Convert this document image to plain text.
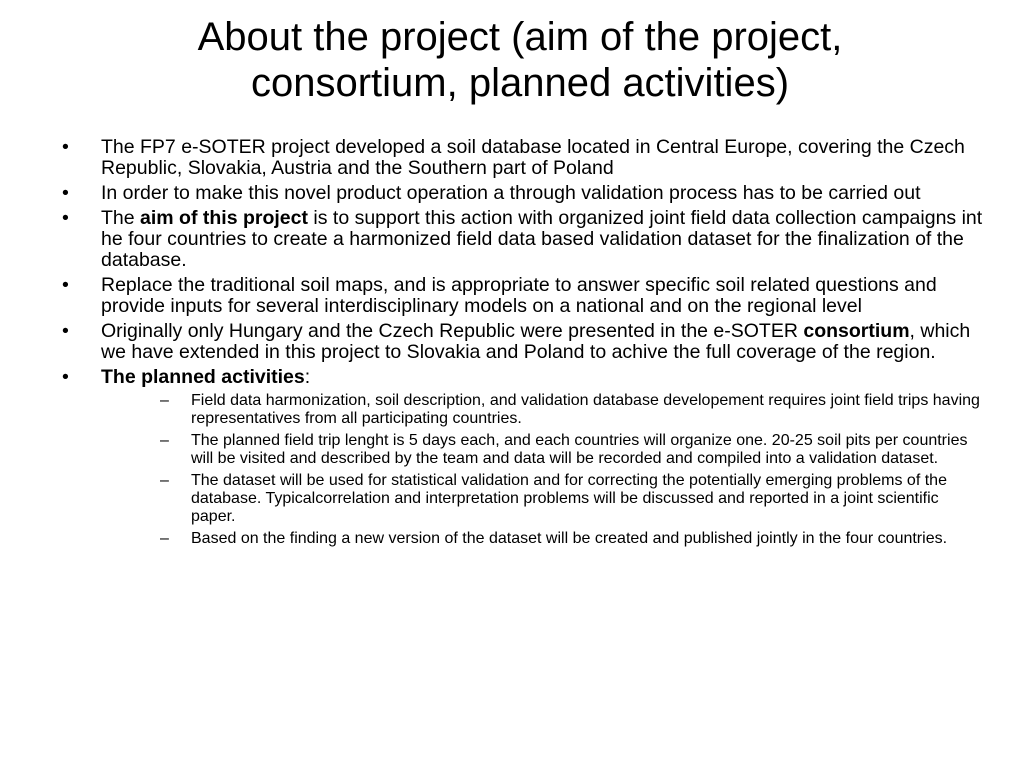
About the project (aim of the project,
consortium, planned activities)
• The FP7 e-SOTER project developed a soil database located in Central Europe, covering the Czech Republic, Slovakia, Austria and the Southern part of Poland
• In order to make this novel product operation a through validation process has to be carried out
• The aim of this project is to support this action with organized joint field data collection campaigns int he four countries to create a harmonized field data based validation dataset for the finalization of the database.
• Replace the traditional soil maps, and is appropriate to answer specific soil related questions and provide inputs for several interdisciplinary models on a national and on the regional level
• Originally only Hungary and the Czech Republic were presented in the e-SOTER consortium, which we have extended in this project to Slovakia and Poland to achive the full coverage of the region.
• The planned activities:
– Field data harmonization, soil description, and validation database developement requires joint field trips having representatives from all participating countries.
– The planned field trip lenght is 5 days each, and each countries will organize one. 20-25 soil pits per countries will be visited and described by the team and data will be recorded and compiled into a validation dataset.
– The dataset will be used for statistical validation and for correcting the potentially emerging problems of the database. Typicalcorrelation and interpretation problems will be discussed and reported in a joint scientific paper.
– Based on the finding a new version of the dataset will be created and published jointly in the four countries.
